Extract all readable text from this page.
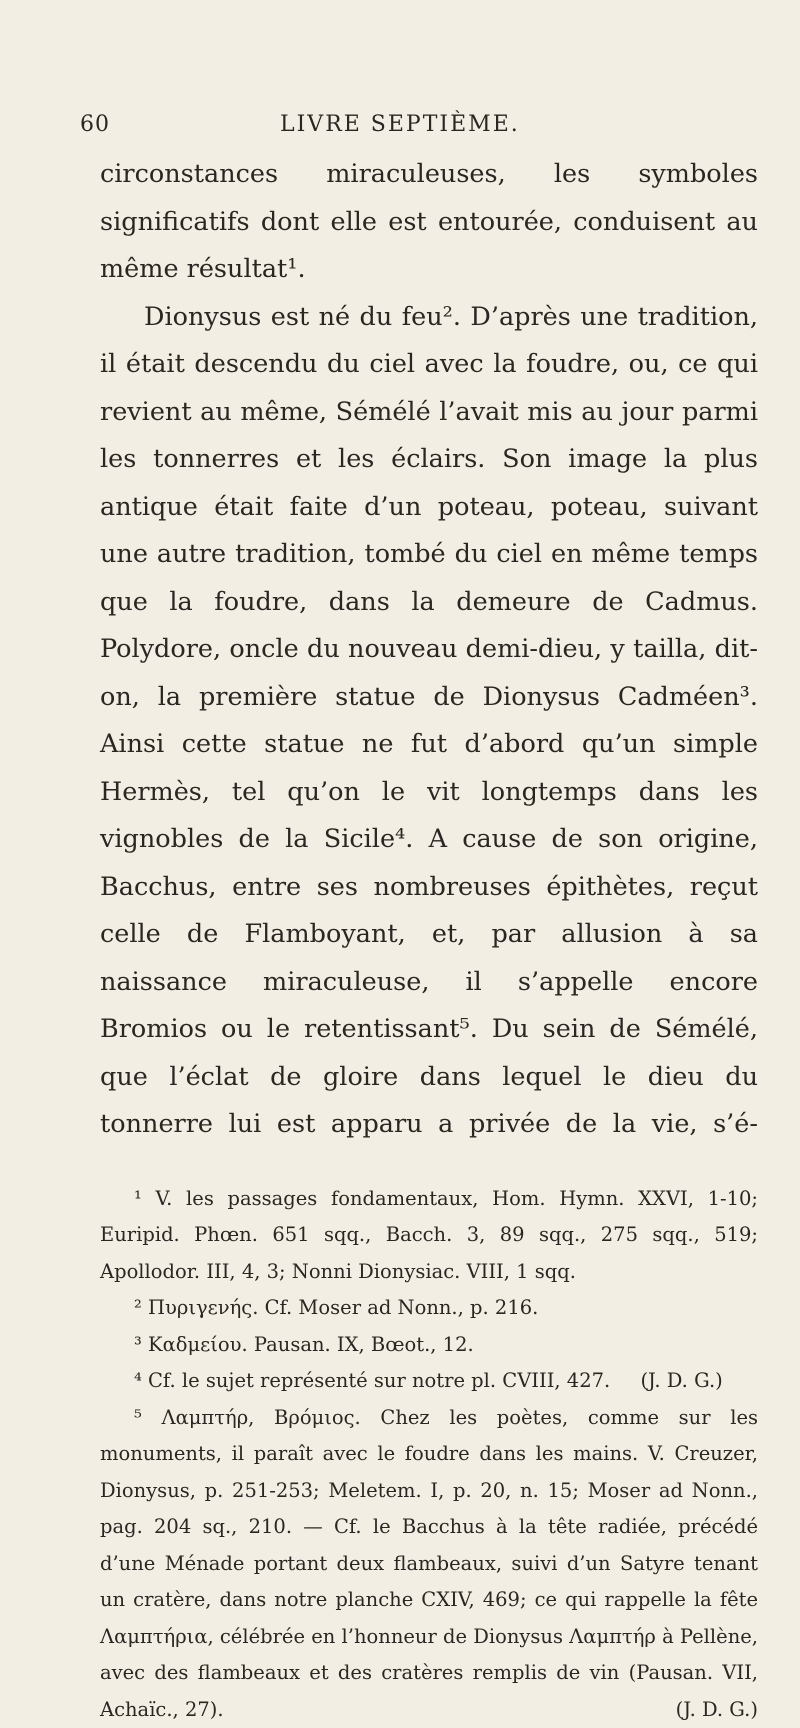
60	LIVRE SEPTIÈME.

circonstances miraculeuses, les symboles significatifs dont elle est entourée, conduisent au même résultat¹.

Dionysus est né du feu². D’après une tradition, il était descendu du ciel avec la foudre, ou, ce qui revient au même, Sémélé l’avait mis au jour parmi les tonnerres et les éclairs. Son image la plus antique était faite d’un poteau, poteau, suivant une autre tradition, tombé du ciel en même temps que la foudre, dans la demeure de Cadmus. Polydore, oncle du nouveau demi-dieu, y tailla, dit-on, la première statue de Dionysus Cadméen³. Ainsi cette statue ne fut d’abord qu’un simple Hermès, tel qu’on le vit longtemps dans les vignobles de la Sicile⁴. A cause de son origine, Bacchus, entre ses nombreuses épithètes, reçut celle de Flamboyant, et, par allusion à sa naissance miraculeuse, il s’appelle encore Bromios ou le retentissant⁵. Du sein de Sémélé, que l’éclat de gloire dans lequel le dieu du tonnerre lui est apparu a privée de la vie, s’é-

¹ V. les passages fondamentaux, Hom. Hymn. XXVI, 1-10; Euripid. Phœn. 651 sqq., Bacch. 3, 89 sqq., 275 sqq., 519; Apollodor. III, 4, 3; Nonni Dionysiac. VIII, 1 sqq.

² Πυριγενής. Cf. Moser ad Nonn., p. 216.

³ Καδμείου. Pausan. IX, Bœot., 12.

⁴ Cf. le sujet représenté sur notre pl. CVIII, 427. (J. D. G.)

⁵ Λαμπτήρ, Βρόμιος. Chez les poètes, comme sur les monuments, il paraît avec le foudre dans les mains. V. Creuzer, Dionysus, p. 251-253; Meletem. I, p. 20, n. 15; Moser ad Nonn., pag. 204 sq., 210. — Cf. le Bacchus à la tête radiée, précédé d’une Ménade portant deux flambeaux, suivi d’un Satyre tenant un cratère, dans notre planche CXIV, 469; ce qui rappelle la fête Λαμπτήρια, célébrée en l’honneur de Dionysus Λαμπτήρ à Pellène, avec des flambeaux et des cratères remplis de vin (Pausan. VII, Achaïc., 27).	(J. D. G.)
